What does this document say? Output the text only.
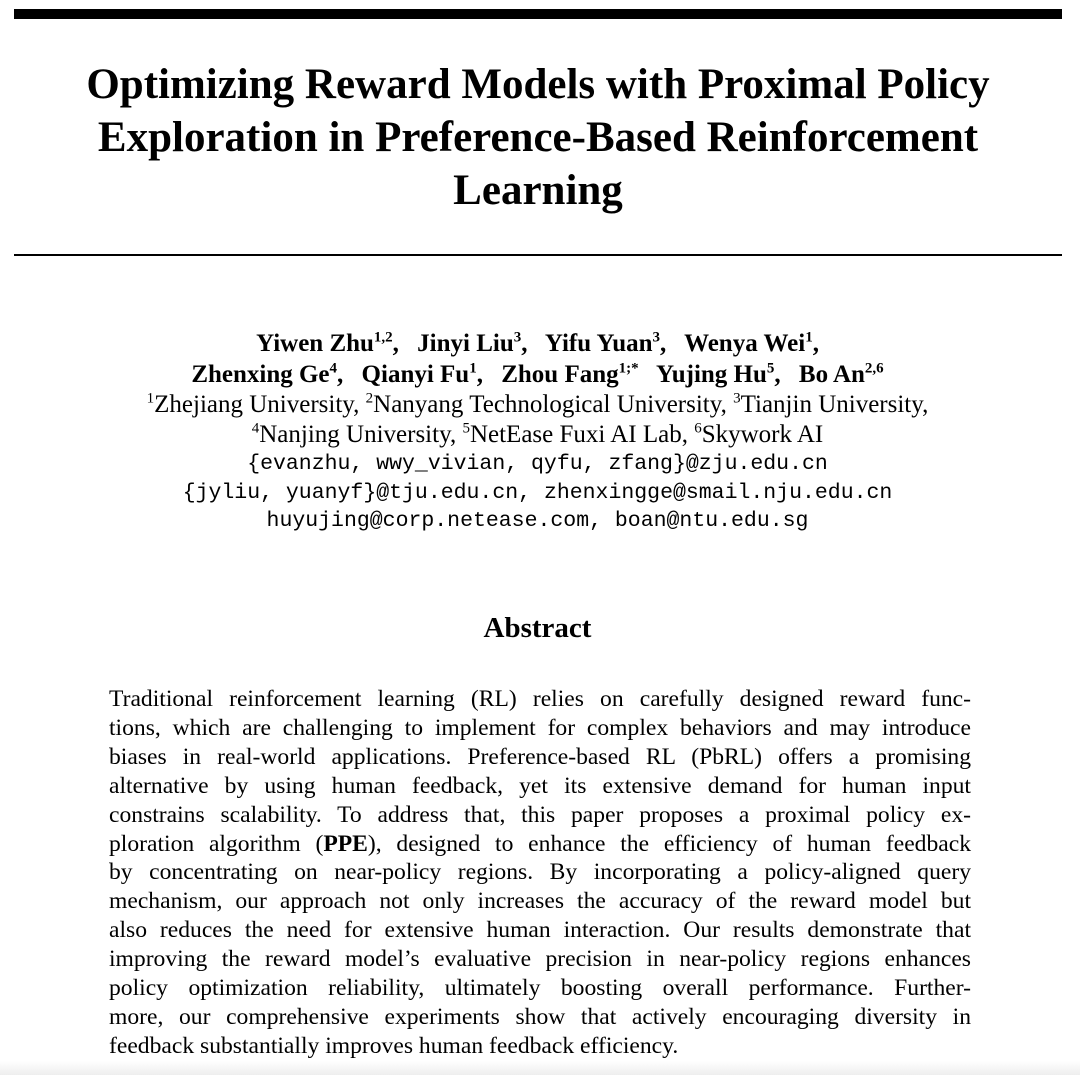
Optimizing Reward Models with Proximal Policy Exploration in Preference-Based Reinforcement Learning
Yiwen Zhu$^{1,2}$, Jinyi Liu$^3$, Yifu Yuan$^3$, Wenya Wei$^1$,
Zhenxing Ge$^4$, Qianyi Fu$^1$, Zhou Fang$^{1;*}$ Yujing Hu$^5$, Bo An$^{2,6}$
$^1$Zhejiang University, $^2$Nanyang Technological University, $^3$Tianjin University,
$^4$Nanjing University, $^5$NetEase Fuxi AI Lab, $^6$Skywork AI
{evanzhu, wwy_vivian, qyfu, zfang}@zju.edu.cn
{jyliu, yuanyf}@tju.edu.cn, zhenxingge@smail.nju.edu.cn
huyujing@corp.netease.com, boan@ntu.edu.sg
Abstract
Traditional reinforcement learning (RL) relies on carefully designed reward func-
tions, which are challenging to implement for complex behaviors and may introduce
biases in real-world applications. Preference-based RL (PbRL) offers a promising
alternative by using human feedback, yet its extensive demand for human input
constrains scalability. To address that, this paper proposes a proximal policy ex-
ploration algorithm (PPE), designed to enhance the efficiency of human feedback
by concentrating on near-policy regions. By incorporating a policy-aligned query
mechanism, our approach not only increases the accuracy of the reward model but
also reduces the need for extensive human interaction. Our results demonstrate that
improving the reward model’s evaluative precision in near-policy regions enhances
policy optimization reliability, ultimately boosting overall performance. Further-
more, our comprehensive experiments show that actively encouraging diversity in
feedback substantially improves human feedback efficiency.
